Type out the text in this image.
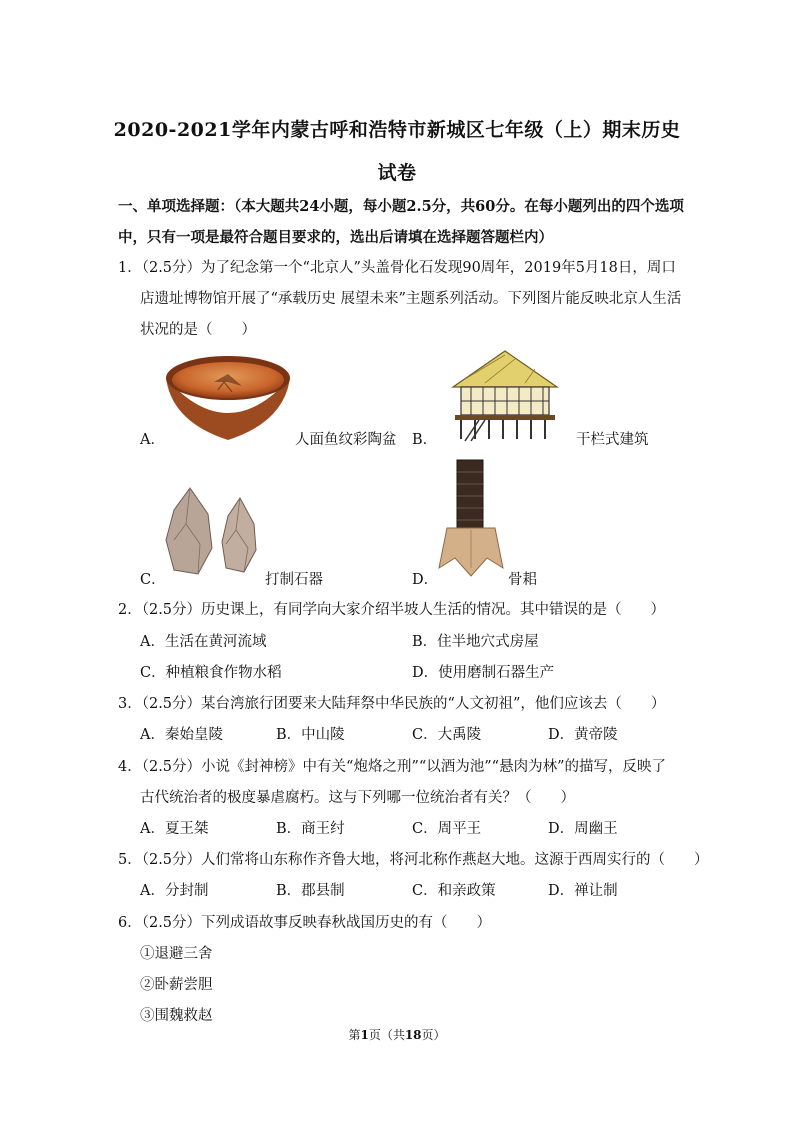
2020-2021学年内蒙古呼和浩特市新城区七年级（上）期末历史
试卷
一、单项选择题：（本大题共24小题，每小题2.5分，共60分。在每小题列出的四个选项
中，只有一项是最符合题目要求的，选出后请填在选择题答题栏内）
1．（2.5分）为了纪念第一个“北京人”头盖骨化石发现90周年，2019年5月18日，周口
店遗址博物馆开展了“承载历史 展望未来”主题系列活动。下列图片能反映北京人生活
状况的是（　　）
A．	人面鱼纹彩陶盆 B．	干栏式建筑
C．	打制石器	D．	骨耜
2．（2.5分）历史课上，有同学向大家介绍半坡人生活的情况。其中错误的是（　　）
A．生活在黄河流域	B．住半地穴式房屋
C．种植粮食作物水稻	D．使用磨制石器生产
3．（2.5分）某台湾旅行团要来大陆拜祭中华民族的“人文初祖”，他们应该去（　　）
A．秦始皇陵	B．中山陵	C．大禹陵	D．黄帝陵
4．（2.5分）小说《封神榜》中有关“炮烙之刑”“以酒为池”“悬肉为林”的描写，反映了
古代统治者的极度暴虐腐朽。这与下列哪一位统治者有关？（　　）
A．夏王桀	B．商王纣	C．周平王	D．周幽王
5．（2.5分）人们常将山东称作齐鲁大地，将河北称作燕赵大地。这源于西周实行的（　　）
A．分封制	B．郡县制	C．和亲政策	D．禅让制
6．（2.5分）下列成语故事反映春秋战国历史的有（　　）
①退避三舍
②卧薪尝胆
③围魏救赵
第1页（共18页）
